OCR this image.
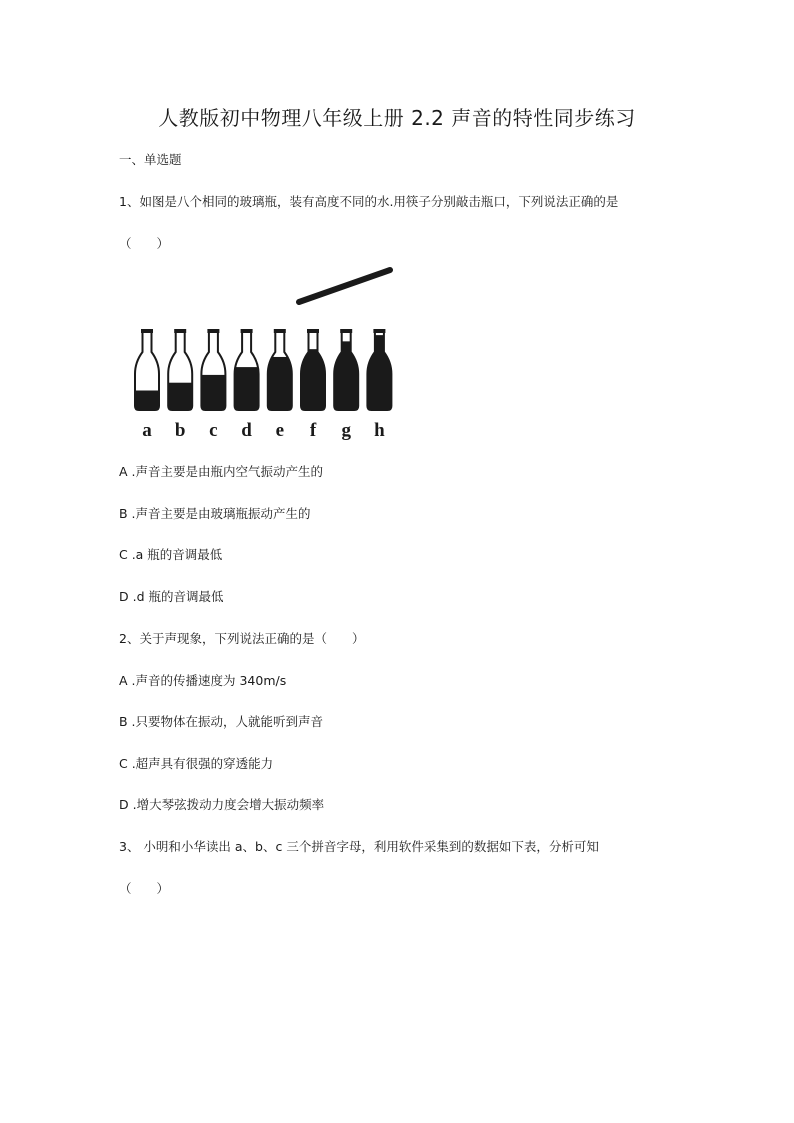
人教版初中物理八年级上册 2.2 声音的特性同步练习
一、单选题
1、如图是八个相同的玻璃瓶，装有高度不同的水.用筷子分别敲击瓶口，下列说法正确的是
（　　）
a b c d e f g h
A .声音主要是由瓶内空气振动产生的
B .声音主要是由玻璃瓶振动产生的
C .a 瓶的音调最低
D .d 瓶的音调最低
2、关于声现象，下列说法正确的是（　　）
A .声音的传播速度为 340m/s
B .只要物体在振动，人就能听到声音
C .超声具有很强的穿透能力
D .增大琴弦拨动力度会增大振动频率
3、 小明和小华读出 a、b、c 三个拼音字母，利用软件采集到的数据如下表，分析可知
（　　）
